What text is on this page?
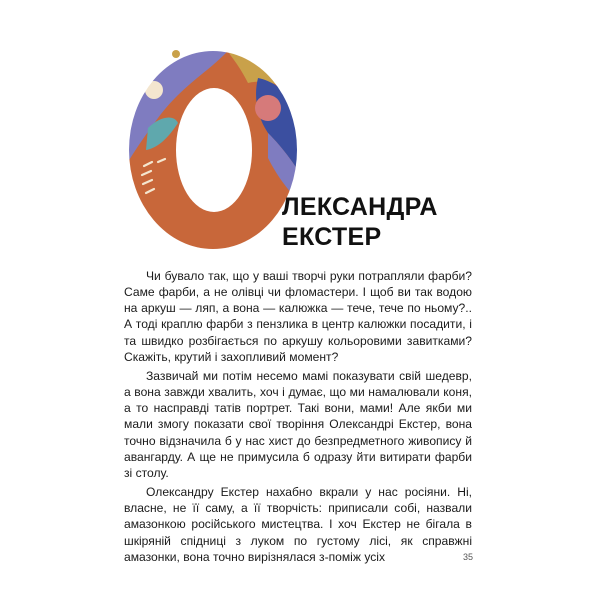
ЛЕКСАНДРА
ЕКСТЕР

Чи бувало так, що у ваші творчі руки потрапляли фарби? Саме фарби, а не олівці чи фломастери. І щоб ви так водою на аркуш — ляп, а вона — калюжка — тече, тече по ньому?.. А тоді краплю фарби з пензлика в центр калюжки посадити, і та швидко розбігається по аркушу кольоровими завитками? Скажіть, крутий і захопливий момент?

Зазвичай ми потім несемо мамі показувати свій шедевр, а вона завжди хвалить, хоч і думає, що ми намалювали коня, а то насправді татів портрет. Такі вони, мами! Але якби ми мали змогу показати свої творіння Олександрі Екстер, вона точно відзначила б у нас хист до безпредметного живопису й авангарду. А ще не примусила б одразу йти витирати фарби зі столу.

Олександру Екстер нахабно вкрали у нас росіяни. Ні, власне, не її саму, а її творчість: приписали собі, назвали амазонкою російського мистецтва. І хоч Екстер не бігала в шкіряній спідниці з луком по густому лісі, як справжні амазонки, вона точно вирізнялася з-поміж усіх	35
